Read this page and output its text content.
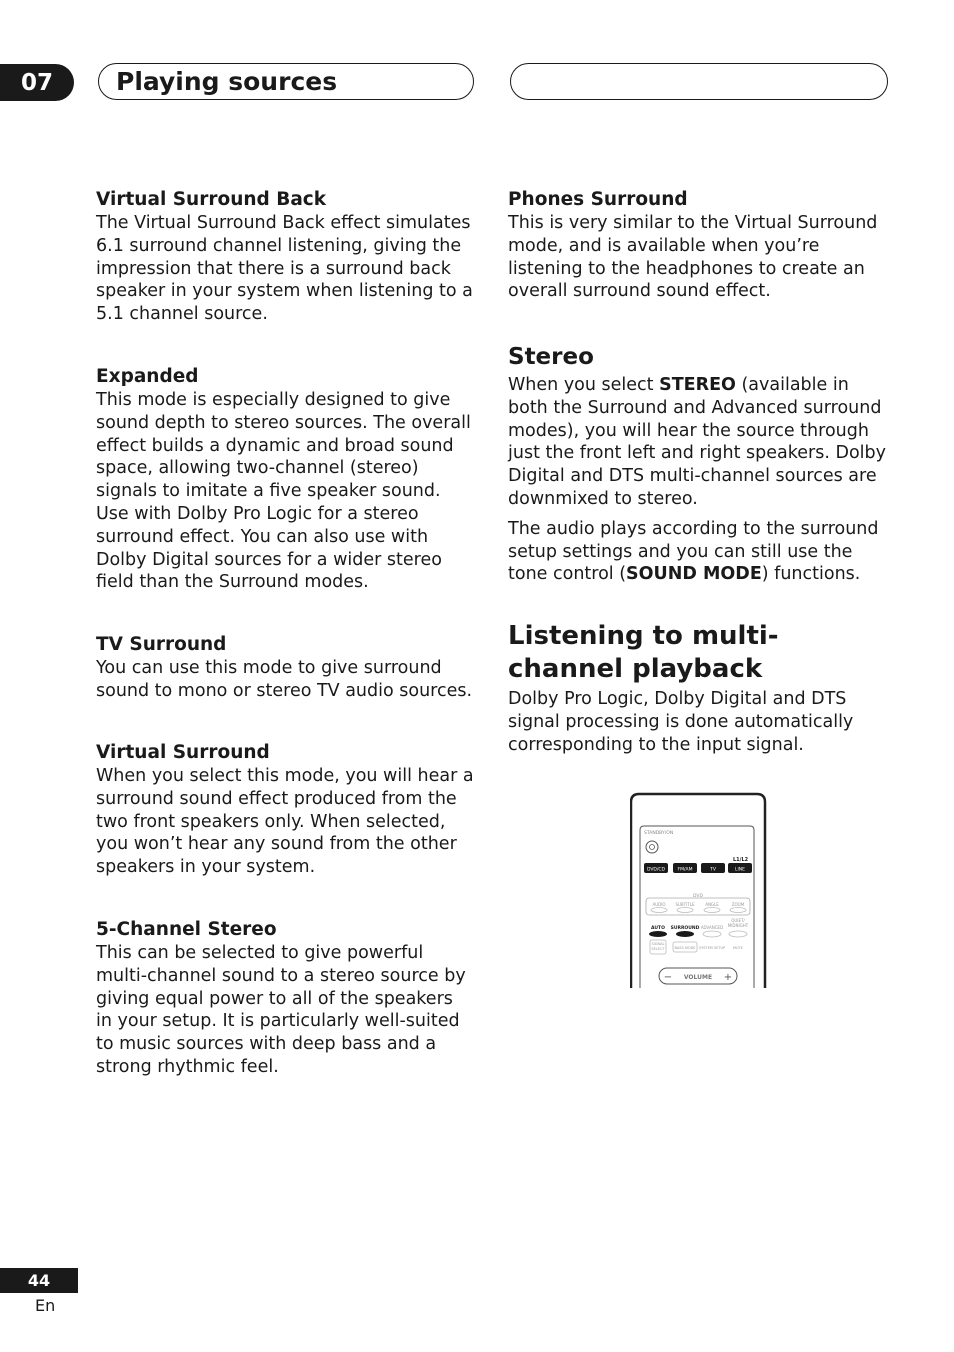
07	Playing sources

Virtual Surround Back

The Virtual Surround Back effect simulates 6.1 surround channel listening, giving the impression that there is a surround back speaker in your system when listening to a 5.1 channel source.

Expanded

This mode is especially designed to give sound depth to stereo sources. The overall effect builds a dynamic and broad sound space, allowing two-channel (stereo) signals to imitate a five speaker sound. Use with Dolby Pro Logic for a stereo surround effect. You can also use with Dolby Digital sources for a wider stereo field than the Surround modes.

TV Surround

You can use this mode to give surround sound to mono or stereo TV audio sources.

Virtual Surround

When you select this mode, you will hear a surround sound effect produced from the two front speakers only. When selected, you won’t hear any sound from the other speakers in your system.

5-Channel Stereo

This can be selected to give powerful multi-channel sound to a stereo source by giving equal power to all of the speakers in your setup. It is particularly well-suited to music sources with deep bass and a strong rhythmic feel.

Phones Surround

This is very similar to the Virtual Surround mode, and is available when you’re listening to the headphones to create an overall surround sound effect.

Stereo

When you select STEREO (available in both the Surround and Advanced surround modes), you will hear the source through just the front left and right speakers. Dolby Digital and DTS multi-channel sources are downmixed to stereo.

The audio plays according to the surround setup settings and you can still use the tone control (SOUND MODE) functions.

Listening to multi-channel playback

Dolby Pro Logic, Dolby Digital and DTS signal processing is done automatically corresponding to the input signal.

STANDBY/ON
L1/L2
DVD/CD	FM/AM	TV	LINE
DVD
AUDIO SUBTITLE	ANGLE	ZOOM
QUIET/
MIDNIGHT
AUTO SURROUND ADVANCED
SIGNAL
SELECT	BASS MODE SYSTEM SETUP MUTE
−	+
VOLUME
44
En
